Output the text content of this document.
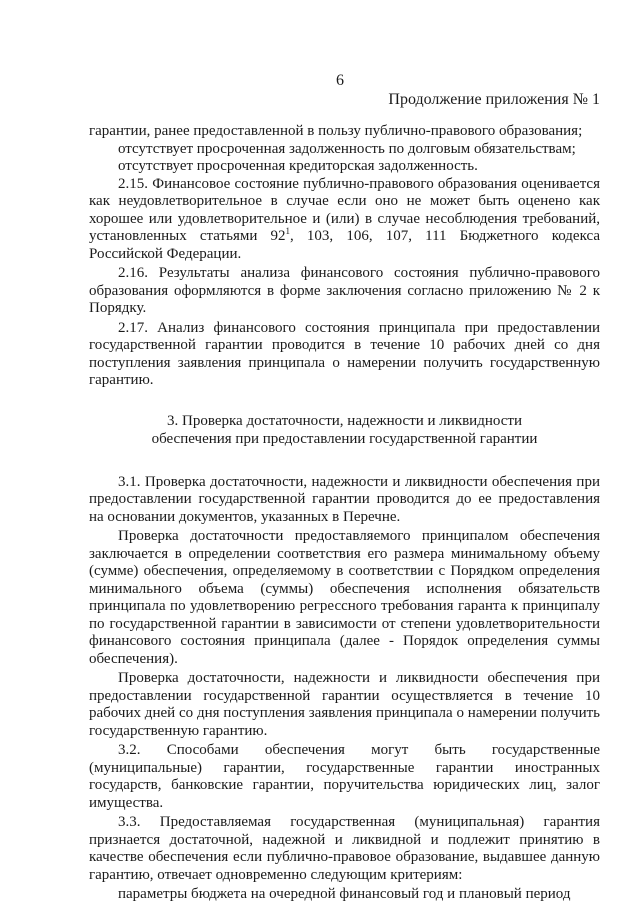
6
Продолжение приложения № 1

гарантии, ранее предоставленной в пользу публично-правового образования;

отсутствует просроченная задолженность по долговым обязательствам;

отсутствует просроченная кредиторская задолженность.

2.15. Финансовое состояние публично-правового образования оценивается как неудовлетворительное в случае если оно не может быть оценено как хорошее или удовлетворительное и (или) в случае несоблюдения требований, установленных статьями $92^1$, 103, 106, 107, 111 Бюджетного кодекса Российской Федерации.

2.16. Результаты анализа финансового состояния публично-правового образования оформляются в форме заключения согласно приложению № 2 к Порядку.

2.17. Анализ финансового состояния принципала при предоставлении государственной гарантии проводится в течение 10 рабочих дней со дня поступления заявления принципала о намерении получить государственную гарантию.

3. Проверка достаточности, надежности и ликвидности
обеспечения при предоставлении государственной гарантии

3.1. Проверка достаточности, надежности и ликвидности обеспечения при предоставлении государственной гарантии проводится до ее предоставления на основании документов, указанных в Перечне.

Проверка достаточности предоставляемого принципалом обеспечения заключается в определении соответствия его размера минимальному объему (сумме) обеспечения, определяемому в соответствии с Порядком определения минимального объема (суммы) обеспечения исполнения обязательств принципала по удовлетворению регрессного требования гаранта к принципалу по государственной гарантии в зависимости от степени удовлетворительности финансового состояния принципала (далее - Порядок определения суммы обеспечения).

Проверка достаточности, надежности и ликвидности обеспечения при предоставлении государственной гарантии осуществляется в течение 10 рабочих дней со дня поступления заявления принципала о намерении получить государственную гарантию.

3.2. Способами обеспечения могут быть государственные (муниципальные) гарантии, государственные гарантии иностранных государств, банковские гарантии, поручительства юридических лиц, залог имущества.

3.3. Предоставляемая государственная (муниципальная) гарантия признается достаточной, надежной и ликвидной и подлежит принятию в качестве обеспечения если публично-правовое образование, выдавшее данную гарантию, отвечает одновременно следующим критериям:

параметры бюджета на очередной финансовый год и плановый период
